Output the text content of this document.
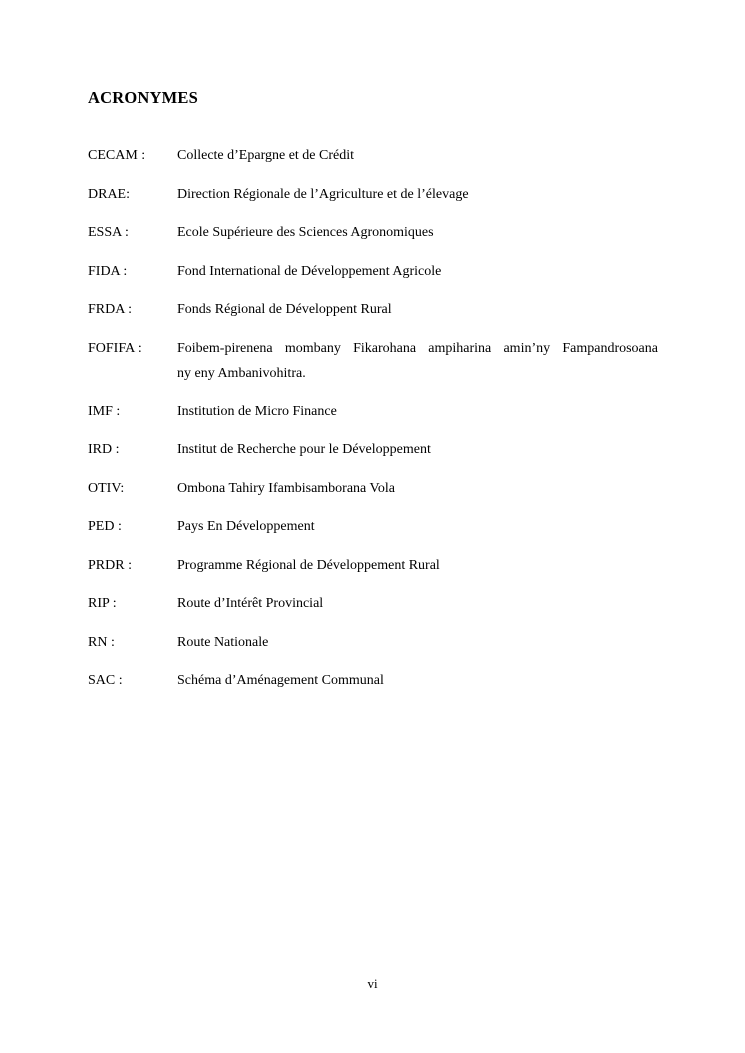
ACRONYMES
CECAM :	Collecte d’Epargne et de Crédit
DRAE:	Direction Régionale de l’Agriculture et de l’élevage
ESSA :	Ecole Supérieure des Sciences Agronomiques
FIDA :	Fond International de Développement Agricole
FRDA :	Fonds Régional de Développent Rural
FOFIFA :	Foibem-pirenena mombany Fikarohana ampiharina amin’ny Fampandrosoana
ny eny Ambanivohitra.
IMF :	Institution de Micro Finance
IRD :	Institut de Recherche pour le Développement
OTIV:	Ombona Tahiry Ifambisamborana Vola
PED :	Pays En Développement
PRDR :	Programme Régional de Développement Rural
RIP :	Route d’Intérêt Provincial
RN :	Route Nationale
SAC :	Schéma d’Aménagement Communal
vi
